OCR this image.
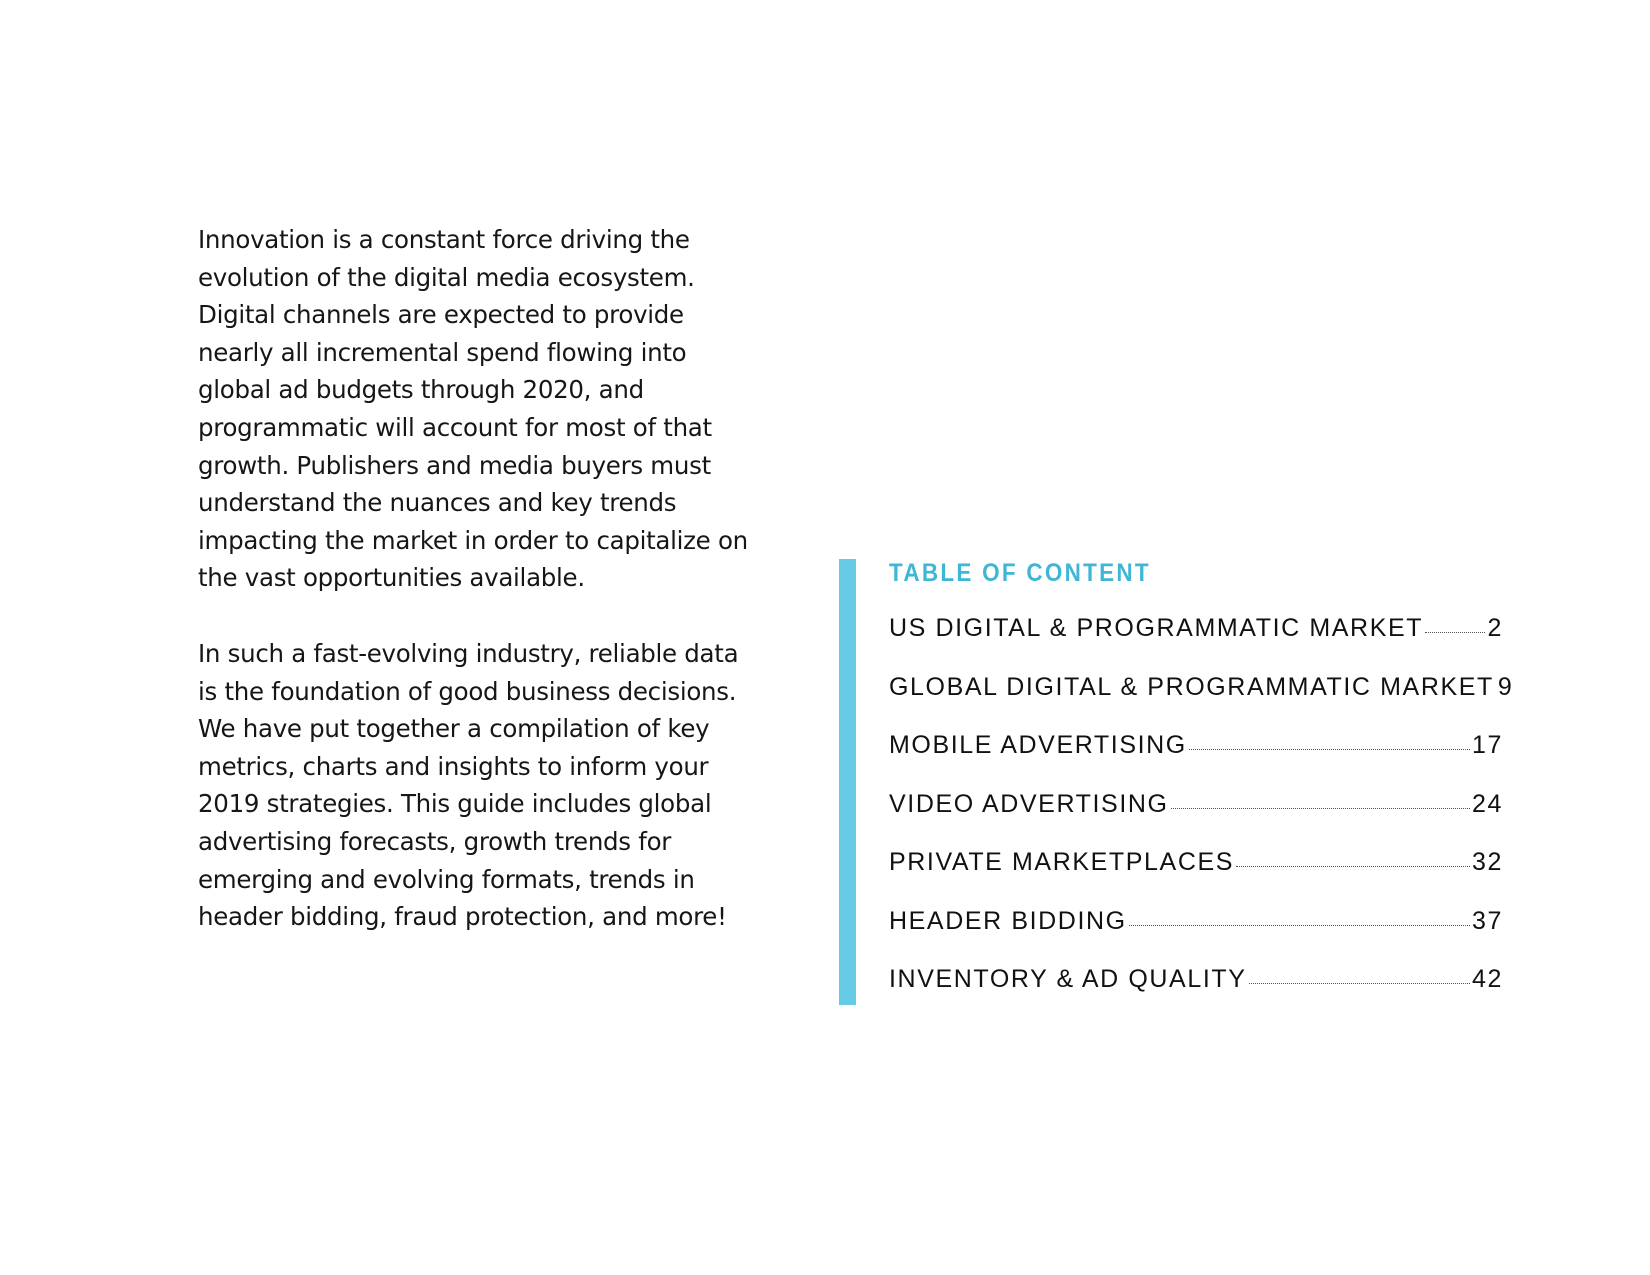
Innovation is a constant force driving the evolution of the digital media ecosystem. Digital channels are expected to provide nearly all incremental spend flowing into global ad budgets through 2020, and programmatic will account for most of that growth. Publishers and media buyers must understand the nuances and key trends impacting the market in order to capitalize on the vast opportunities available.

In such a fast-evolving industry, reliable data is the foundation of good business decisions. We have put together a compilation of key metrics, charts and insights to inform your 2019 strategies. This guide includes global advertising forecasts, growth trends for emerging and evolving formats, trends in header bidding, fraud protection, and more!

TABLE OF CONTENT
US DIGITAL & PROGRAMMATIC MARKET	2
GLOBAL DIGITAL & PROGRAMMATIC MARKET 9
MOBILE ADVERTISING	17
VIDEO ADVERTISING	24
PRIVATE MARKETPLACES	32
HEADER BIDDING	37
INVENTORY & AD QUALITY	42
